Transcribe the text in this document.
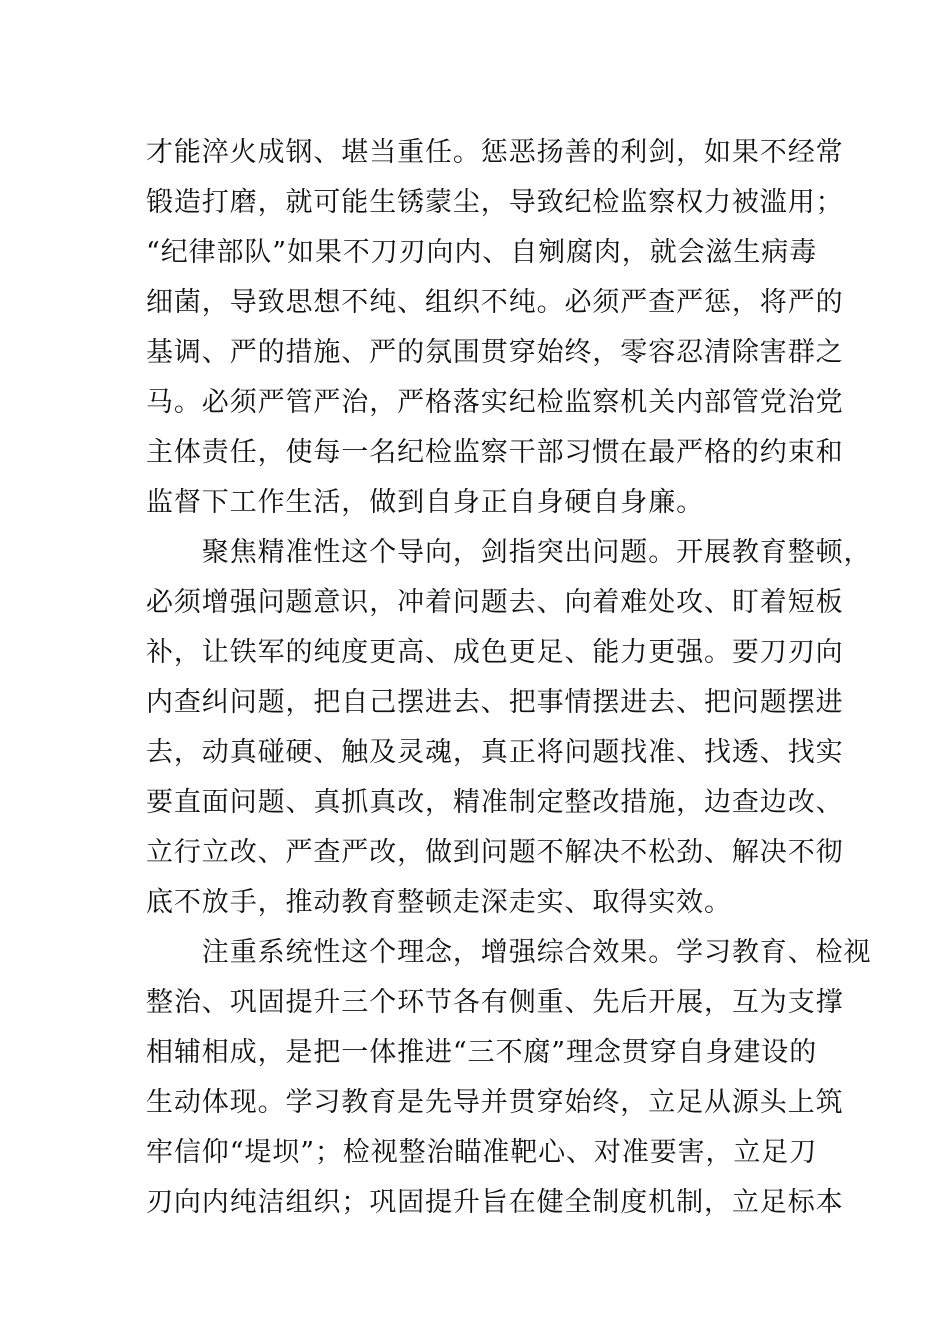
才能淬火成钢、堪当重任。惩恶扬善的利剑，如果不经常
锻造打磨，就可能生锈蒙尘，导致纪检监察权力被滥用；
“纪律部队”如果不刀刃向内、自剜腐肉，就会滋生病毒
细菌，导致思想不纯、组织不纯。必须严查严惩，将严的
基调、严的措施、严的氛围贯穿始终，零容忍清除害群之
马。必须严管严治，严格落实纪检监察机关内部管党治党
主体责任，使每一名纪检监察干部习惯在最严格的约束和
监督下工作生活，做到自身正自身硬自身廉。
　　聚焦精准性这个导向，剑指突出问题。开展教育整顿，
必须增强问题意识，冲着问题去、向着难处攻、盯着短板
补，让铁军的纯度更高、成色更足、能力更强。要刀刃向
内查纠问题，把自己摆进去、把事情摆进去、把问题摆进
去，动真碰硬、触及灵魂，真正将问题找准、找透、找实
要直面问题、真抓真改，精准制定整改措施，边查边改、
立行立改、严查严改，做到问题不解决不松劲、解决不彻
底不放手，推动教育整顿走深走实、取得实效。
　　注重系统性这个理念，增强综合效果。学习教育、检视
整治、巩固提升三个环节各有侧重、先后开展，互为支撑
相辅相成，是把一体推进“三不腐”理念贯穿自身建设的
生动体现。学习教育是先导并贯穿始终，立足从源头上筑
牢信仰“堤坝”；检视整治瞄准靶心、对准要害，立足刀
刃向内纯洁组织；巩固提升旨在健全制度机制，立足标本
